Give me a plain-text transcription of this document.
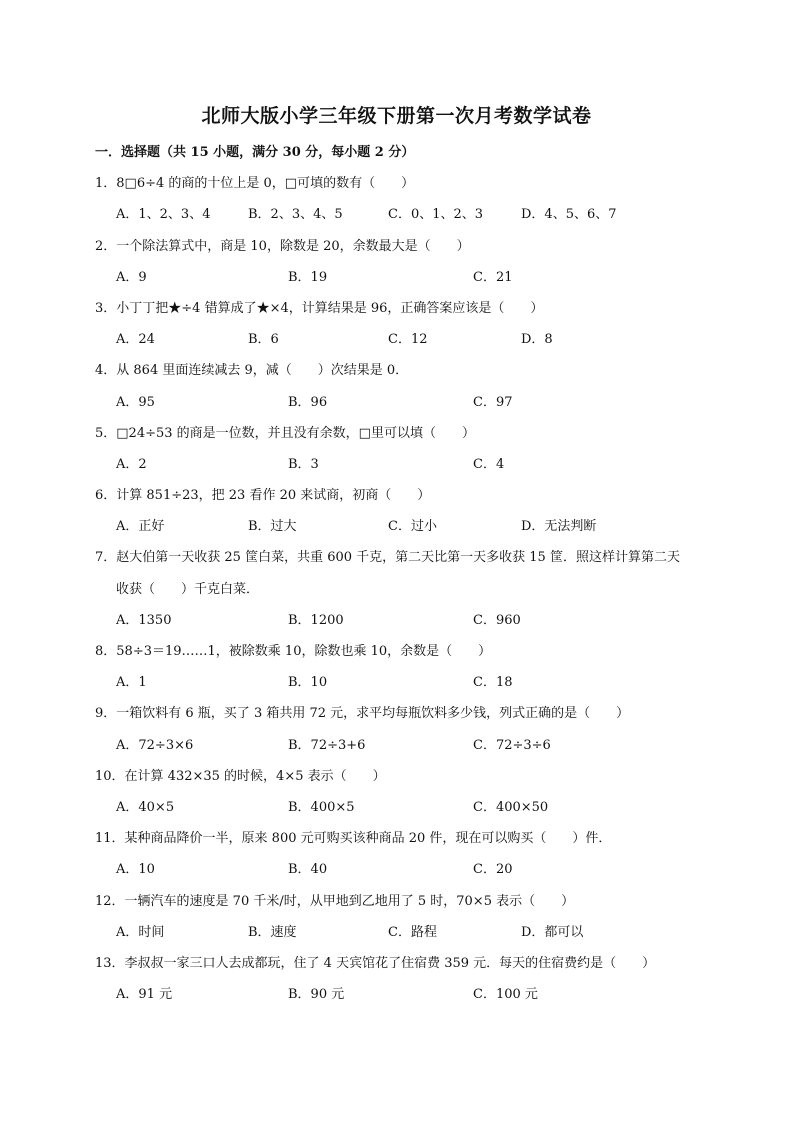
北师大版小学三年级下册第一次月考数学试卷
一．选择题（共 15 小题，满分 30 分，每小题 2 分）
1．8□6÷4 的商的十位上是 0，□可填的数有（　　）
A．1、2、3、4	B．2、3、4、5	C．0、1、2、3	D．4、5、6、7
2．一个除法算式中，商是 10，除数是 20，余数最大是（　　）
A．9	B．19	C．21
3．小丁丁把★÷4 错算成了★×4，计算结果是 96，正确答案应该是（　　）
A．24	B．6	C．12	D．8
4．从 864 里面连续减去 9，减（　　）次结果是 0．
A．95	B．96	C．97
5．□24÷53 的商是一位数，并且没有余数，□里可以填（　　）
A．2	B．3	C．4
6．计算 851÷23，把 23 看作 20 来试商，初商（　　）
A．正好	B．过大	C．过小	D．无法判断
7．赵大伯第一天收获 25 筐白菜，共重 600 千克，第二天比第一天多收获 15 筐．照这样计算第二天
收获（　　）千克白菜．
A．1350	B．1200	C．960
8．58÷3＝19……1，被除数乘 10，除数也乘 10，余数是（　　）
A．1	B．10	C．18
9．一箱饮料有 6 瓶，买了 3 箱共用 72 元，求平均每瓶饮料多少钱，列式正确的是（　　）
A．72÷3×6	B．72÷3+6	C．72÷3÷6
10．在计算 432×35 的时候，4×5 表示（　　）
A．40×5	B．400×5	C．400×50
11．某种商品降价一半，原来 800 元可购买该种商品 20 件，现在可以购买（　　）件．
A．10	B．40	C．20
12．一辆汽车的速度是 70 千米/时，从甲地到乙地用了 5 时，70×5 表示（　　）
A．时间	B．速度	C．路程	D．都可以
13．李叔叔一家三口人去成都玩，住了 4 天宾馆花了住宿费 359 元．每天的住宿费约是（　　）
A．91 元	B．90 元	C．100 元
